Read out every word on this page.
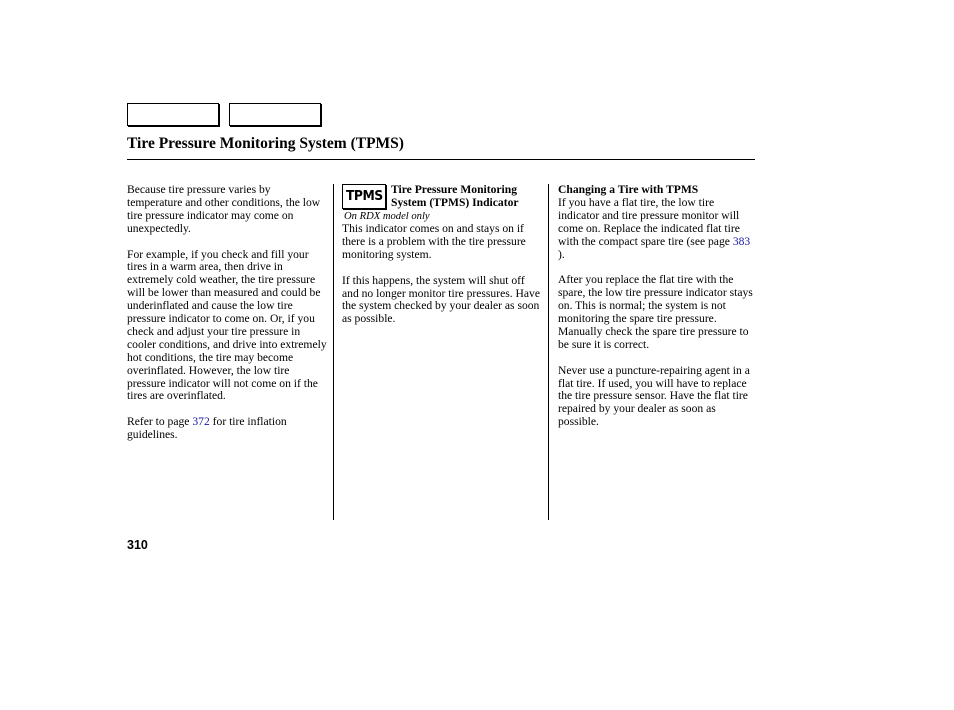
Tire Pressure Monitoring System (TPMS)

Because tire pressure varies by temperature and other conditions, the low tire pressure indicator may come on unexpectedly.

For example, if you check and fill your tires in a warm area, then drive in extremely cold weather, the tire pressure will be lower than measured and could be underinflated and cause the low tire pressure indicator to come on. Or, if you check and adjust your tire pressure in cooler conditions, and drive into extremely hot conditions, the tire may become overinflated. However, the low tire pressure indicator will not come on if the tires are overinflated.

Refer to page 372 for tire inflation guidelines.

TPMS Tire Pressure Monitoring System (TPMS) Indicator
On RDX model only

This indicator comes on and stays on if there is a problem with the tire pressure monitoring system.

If this happens, the system will shut off and no longer monitor tire pressures. Have the system checked by your dealer as soon as possible.

Changing a Tire with TPMS

If you have a flat tire, the low tire indicator and tire pressure monitor will come on. Replace the indicated flat tire with the compact spare tire (see page 383 ).

After you replace the flat tire with the spare, the low tire pressure indicator stays on. This is normal; the system is not monitoring the spare tire pressure. Manually check the spare tire pressure to be sure it is correct.

Never use a puncture-repairing agent in a flat tire. If used, you will have to replace the tire pressure sensor. Have the flat tire repaired by your dealer as soon as possible.

310
